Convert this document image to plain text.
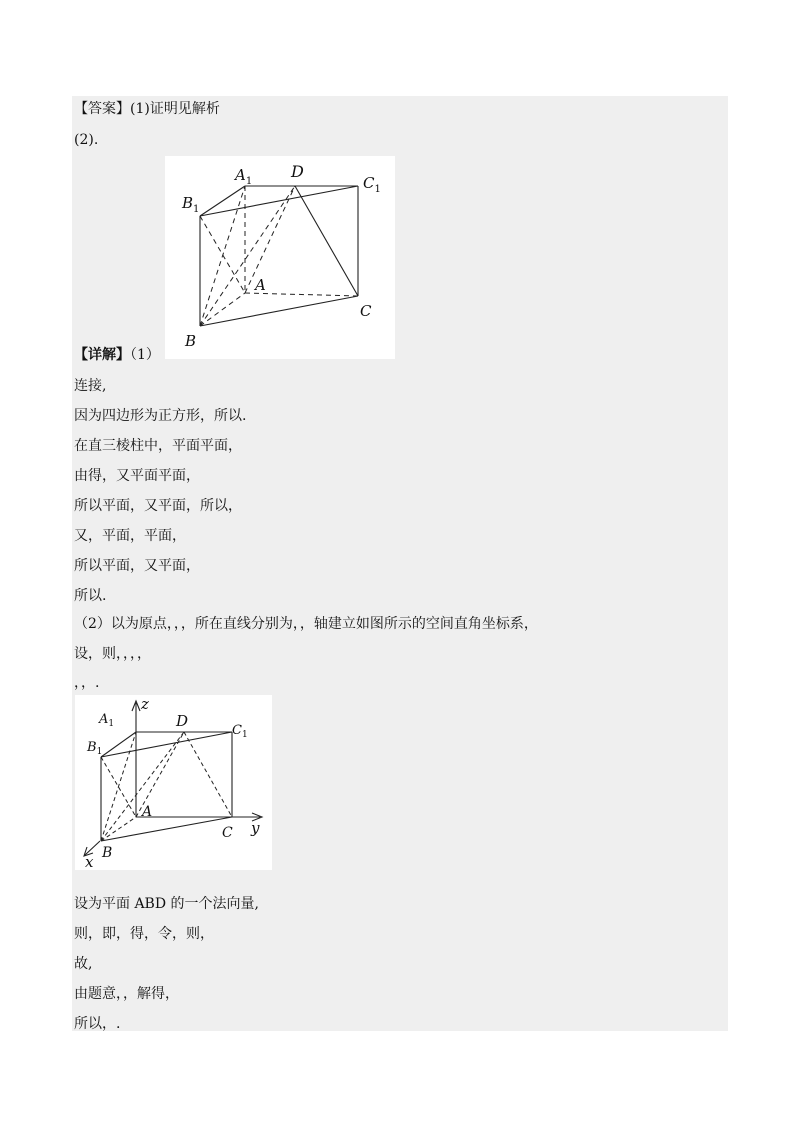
【答案】(1)证明见解析
(2).
$A_1$
D
$C_1$
$B_1$
A
C
B
【详解】（1）
连接,
因为四边形为正方形，所以.
在直三棱柱中，平面平面，
由得，又平面平面，
所以平面，又平面，所以，
又，平面，平面，
所以平面，又平面，
所以.
（2）以为原点，，，所在直线分别为，，轴建立如图所示的空间直角坐标系，
设，则，，，，
，，.
z
$A_1$	D
$C_1$
$B_1$
A
C y
B
x
设为平面 ABD 的一个法向量,
则，即，得，令，则，
故,
由题意，，解得，
所以，.
